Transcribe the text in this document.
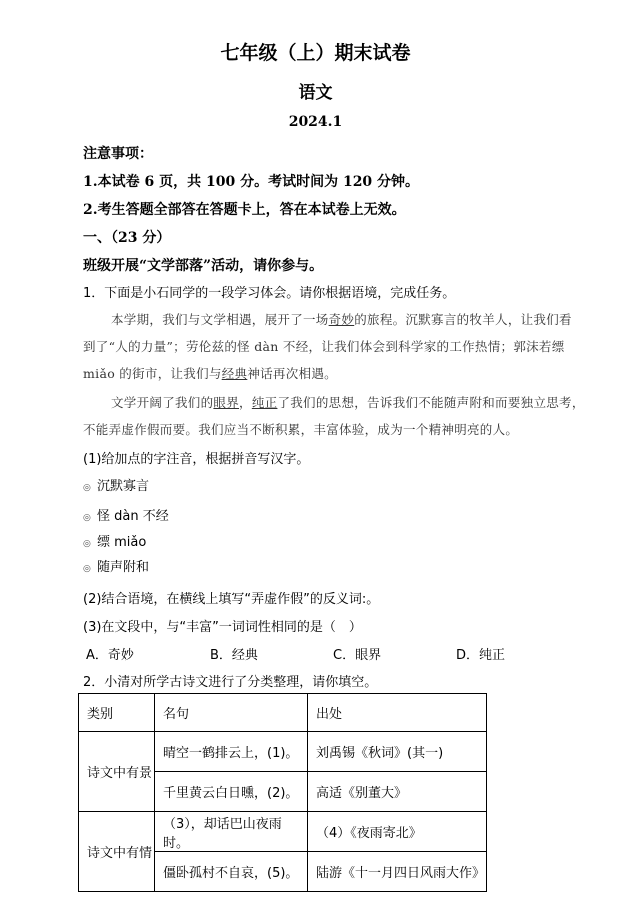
七年级（上）期末试卷
语文
2024.1
注意事项：
1.本试卷 6 页，共 100 分。考试时间为 120 分钟。
2.考生答题全部答在答题卡上，答在本试卷上无效。
一、（23 分）
班级开展“文学部落”活动，请你参与。
1．下面是小石同学的一段学习体会。请你根据语境，完成任务。
本学期，我们与文学相遇，展开了一场奇妙的旅程。沉默寡言的牧羊人，让我们看
到了“人的力量”；劳伦兹的怪 dàn 不经，让我们体会到科学家的工作热情；郭沫若缥
miǎo 的街市，让我们与经典神话再次相遇。
文学开阔了我们的眼界，纯正了我们的思想，告诉我们不能随声附和而要独立思考，
不能弄虚作假而要。我们应当不断积累，丰富体验，成为一个精神明亮的人。
(1)给加点的字注音，根据拼音写汉字。
◎ 沉默寡言
◎ 怪 dàn 不经
◎ 缥 miǎo
◎ 随声附和
(2)结合语境，在横线上填写“弄虚作假”的反义词:。
(3)在文段中，与“丰富”一词词性相同的是（　）
A．奇妙	B．经典	C．眼界	D．纯正
2．小清对所学古诗文进行了分类整理，请你填空。
类别	名句	出处
诗文中有景	晴空一鹤排云上，(1)。	刘禹锡《秋词》(其一)
	千里黄云白日曛，(2)。	高适《别董大》
诗文中有情	（3），却话巴山夜雨时。	（4）《夜雨寄北》
	僵卧孤村不自哀，(5)。	陆游《十一月四日风雨大作》
